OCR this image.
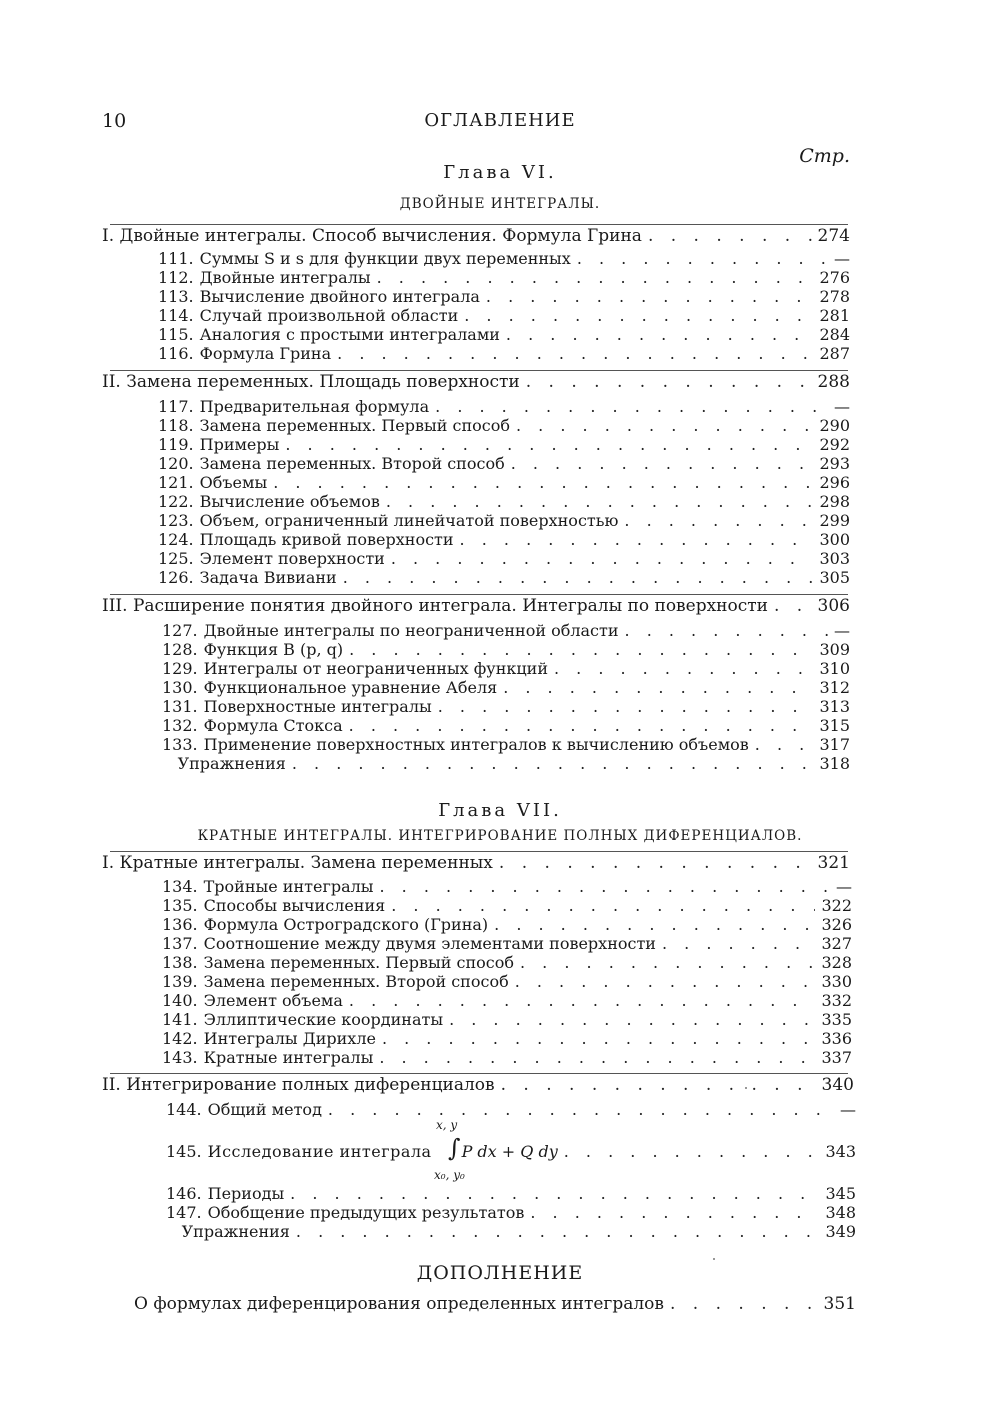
10	ОГЛАВЛЕНИЕ
Стр.
Глава VI.
ДВОЙНЫЕ ИНТЕГРАЛЫ.
I. Двойные интегралы. Способ вычисления. Формула Грина . . .	274
111. Суммы S и s для функции двух переменных . . .	—
112. Двойные интегралы . . .	276
113. Вычисление двойного интеграла . . .	278
114. Случай произвольной области . . .	281
115. Аналогия с простыми интегралами . . .	284
116. Формула Грина . . .	287
II. Замена переменных. Площадь поверхности . . .	288
117. Предварительная формула . . .	—
118. Замена переменных. Первый способ . . .	290
119. Примеры . . .	292
120. Замена переменных. Второй способ . . .	293
121. Объемы . . .	296
122. Вычисление объемов . . .	298
123. Объем, ограниченный линейчатой поверхностью . . .	299
124. Площадь кривой поверхности . . .	300
125. Элемент поверхности . . .	303
126. Задача Вивиани . . .	305
III. Расширение понятия двойного интеграла. Интегралы по поверхности . . .	306
127. Двойные интегралы по неограниченной области . . .	—
128. Функция B (p, q) . . .	309
129. Интегралы от неограниченных функций . . .	310
130. Функциональное уравнение Абеля . . .	312
131. Поверхностные интегралы . . .	313
132. Формула Стокса . . .	315
133. Применение поверхностных интегралов к вычислению объемов . . .	317
Упражнения . . .	318
Глава VII.
КРАТНЫЕ ИНТЕГРАЛЫ. ИНТЕГРИРОВАНИЕ ПОЛНЫХ ДИФЕРЕНЦИАЛОВ.
I. Кратные интегралы. Замена переменных . . .	321
134. Тройные интегралы . . .	—
135. Способы вычисления . . .	322
136. Формула Остроградского (Грина) . . .	326
137. Соотношение между двумя элементами поверхности . . .	327
138. Замена переменных. Первый способ . . .	328
139. Замена переменных. Второй способ . . .	330
140. Элемент объема . . .	332
141. Эллиптические координаты . . .	335
142. Интегралы Дирихле . . .	336
143. Кратные интегралы . . .	337
II. Интегрирование полных диференциалов . . .	340
144. Общий метод . . .	—
x, y
∫
x₀, y₀
145. Исследование интеграла P dx + Q dy . . .	343
146. Периоды . . .	345
147. Обобщение предыдущих результатов . . .	348
Упражнения . . .	349
ДОПОЛНЕНИЕ
О формулах диференцирования определенных интегралов . . .	351
